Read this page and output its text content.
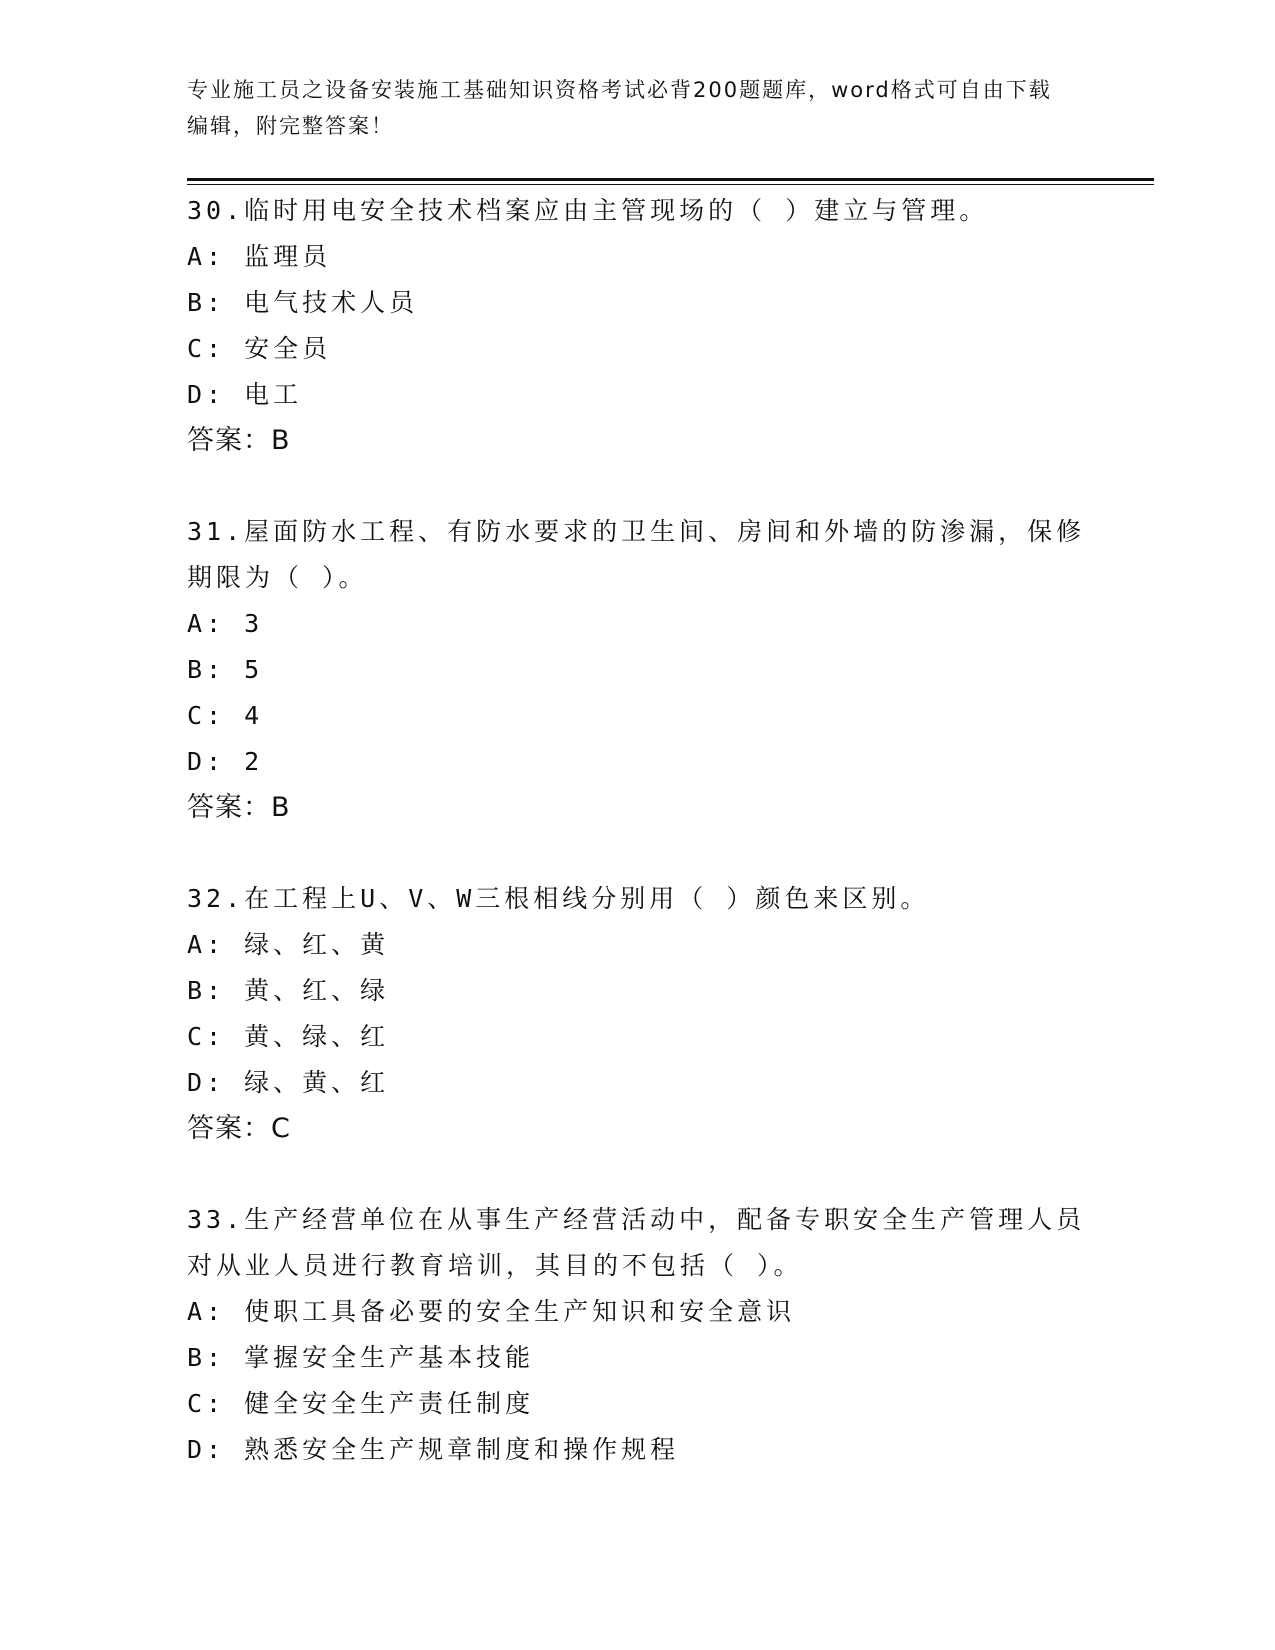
专业施工员之设备安装施工基础知识资格考试必背200题题库，word格式可自由下载编辑，附完整答案！

30.临时用电安全技术档案应由主管现场的（ ）建立与管理。

A: 监理员

B: 电气技术人员

C: 安全员

D: 电工

答案：B

31.屋面防水工程、有防水要求的卫生间、房间和外墙的防渗漏，保修期限为（ ）。

A: 3

B: 5

C: 4

D: 2

答案：B

32.在工程上U、V、W三根相线分别用（ ）颜色来区别。

A: 绿、红、黄

B: 黄、红、绿

C: 黄、绿、红

D: 绿、黄、红

答案：C

33.生产经营单位在从事生产经营活动中，配备专职安全生产管理人员对从业人员进行教育培训，其目的不包括（ ）。

A: 使职工具备必要的安全生产知识和安全意识

B: 掌握安全生产基本技能

C: 健全安全生产责任制度

D: 熟悉安全生产规章制度和操作规程
